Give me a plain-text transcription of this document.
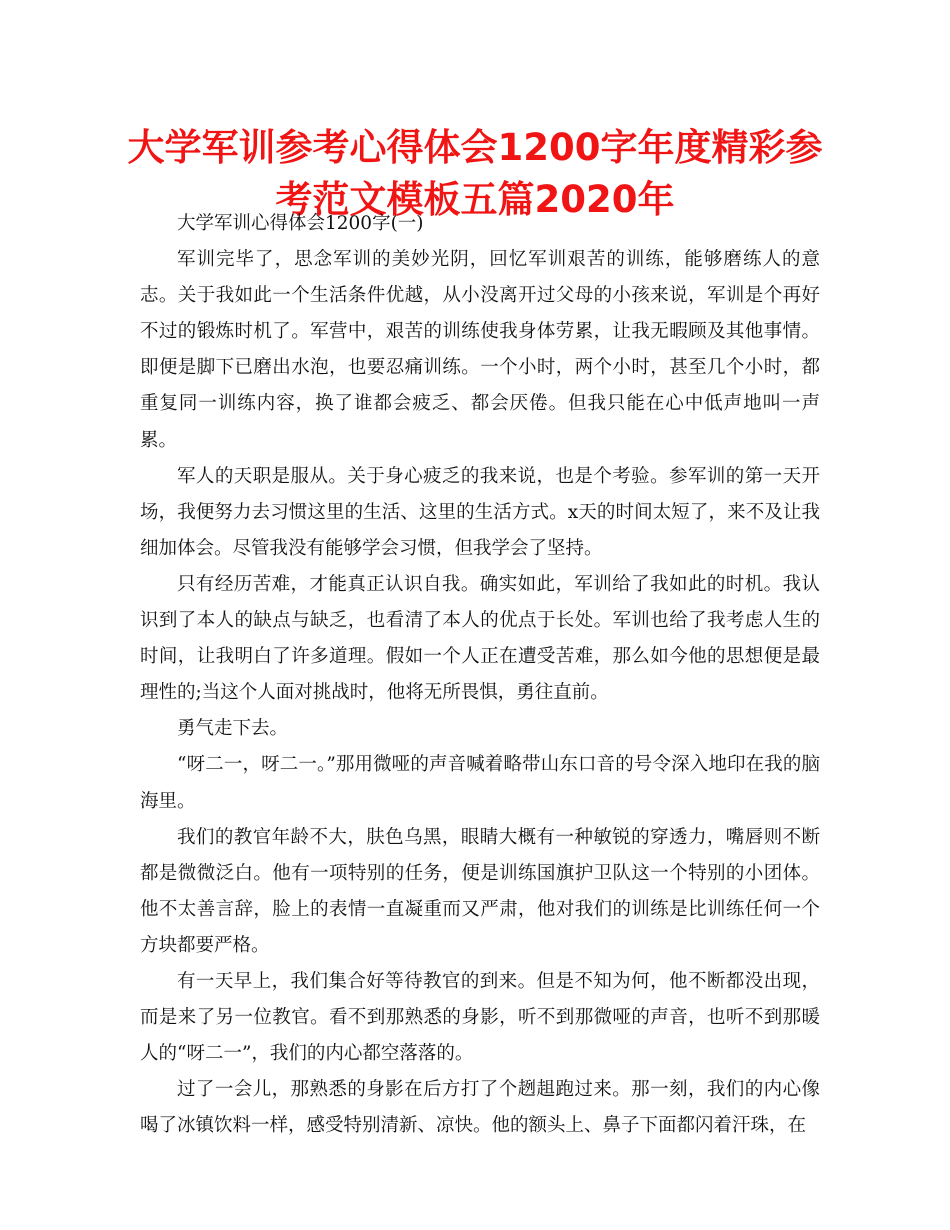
大学军训参考心得体会1200字年度精彩参考范文模板五篇2020年

大学军训心得体会1200字(一)

军训完毕了，思念军训的美妙光阴，回忆军训艰苦的训练，能够磨练人的意志。关于我如此一个生活条件优越，从小没离开过父母的小孩来说，军训是个再好不过的锻炼时机了。军营中，艰苦的训练使我身体劳累，让我无暇顾及其他事情。即便是脚下已磨出水泡，也要忍痛训练。一个小时，两个小时，甚至几个小时，都重复同一训练内容，换了谁都会疲乏、都会厌倦。但我只能在心中低声地叫一声累。

军人的天职是服从。关于身心疲乏的我来说，也是个考验。参军训的第一天开场，我便努力去习惯这里的生活、这里的生活方式。x天的时间太短了，来不及让我细加体会。尽管我没有能够学会习惯，但我学会了坚持。

只有经历苦难，才能真正认识自我。确实如此，军训给了我如此的时机。我认识到了本人的缺点与缺乏，也看清了本人的优点于长处。军训也给了我考虑人生的时间，让我明白了许多道理。假如一个人正在遭受苦难，那么如今他的思想便是最理性的;当这个人面对挑战时，他将无所畏惧，勇往直前。

勇气走下去。

“呀二一，呀二一。”那用微哑的声音喊着略带山东口音的号令深入地印在我的脑海里。

我们的教官年龄不大，肤色乌黑，眼睛大概有一种敏锐的穿透力，嘴唇则不断都是微微泛白。他有一项特别的任务，便是训练国旗护卫队这一个特别的小团体。他不太善言辞，脸上的表情一直凝重而又严肃，他对我们的训练是比训练任何一个方块都要严格。

有一天早上，我们集合好等待教官的到来。但是不知为何，他不断都没出现，而是来了另一位教官。看不到那熟悉的身影，听不到那微哑的声音，也听不到那暖人的“呀二一”，我们的内心都空落落的。

过了一会儿，那熟悉的身影在后方打了个趔趄跑过来。那一刻，我们的内心像喝了冰镇饮料一样，感受特别清新、凉快。他的额头上、鼻子下面都闪着汗珠，在
